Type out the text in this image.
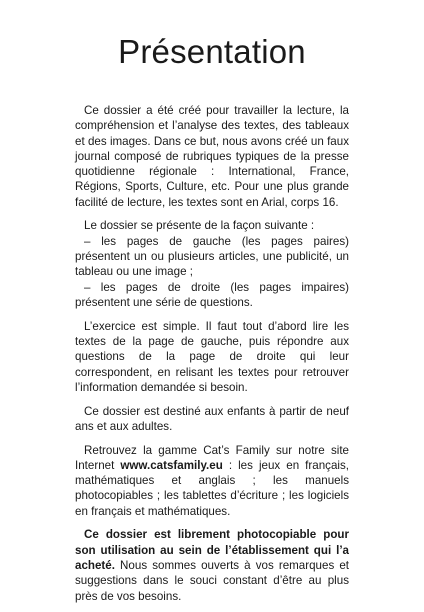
Présentation

Ce dossier a été créé pour travailler la lecture, la compréhension et l’analyse des textes, des tableaux et des images. Dans ce but, nous avons créé un faux journal composé de rubriques typiques de la presse quotidienne régionale : International, France, Régions, Sports, Culture, etc. Pour une plus grande facilité de lecture, les textes sont en Arial, corps 16.

Le dossier se présente de la façon suivante :
– les pages de gauche (les pages paires) présentent un ou plusieurs articles, une publicité, un tableau ou une image ;
– les pages de droite (les pages impaires) présentent une série de questions.

L’exercice est simple. Il faut tout d’abord lire les textes de la page de gauche, puis répondre aux questions de la page de droite qui leur correspondent, en relisant les textes pour retrouver l’information demandée si besoin.

Ce dossier est destiné aux enfants à partir de neuf ans et aux adultes.

Retrouvez la gamme Cat’s Family sur notre site Internet www.catsfamily.eu : les jeux en français, mathématiques et anglais ; les manuels photocopiables ; les tablettes d’écriture ; les logiciels en français et mathématiques.

Ce dossier est librement photocopiable pour son utilisation au sein de l’établissement qui l’a acheté. Nous sommes ouverts à vos remarques et suggestions dans le souci constant d’être au plus près de vos besoins.
